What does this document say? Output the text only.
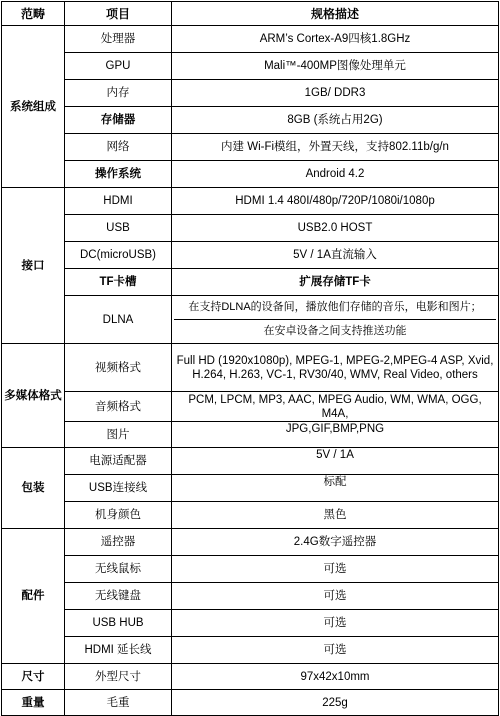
范畴	项目	规格描述
系统组成	处理器	ARM’s Cortex-A9四核1.8GHz
	GPU	Mali™-400MP图像处理单元
	内存	1GB/ DDR3
	存储器	8GB (系统占用2G)
	网络	内建 Wi-Fi模组，外置天线，支持802.11b/g/n
	操作系统	Android 4.2
接口	HDMI	HDMI 1.4 480I/480p/720P/1080i/1080p
	USB	USB2.0 HOST
	DC(microUSB)	5V / 1A直流输入
	TF卡槽	扩展存储TF卡
	DLNA	在支持DLNA的设备间，播放他们存储的音乐，电影和图片；
在安卓设备之间支持推送功能

多媒体格式	视频格式	Full HD (1920x1080p), MPEG-1, MPEG-2,MPEG-4 ASP, Xvid, H.264, H.263, VC-1, RV30/40, WMV, Real Video, others
	音频格式	PCM, LPCM, MP3, AAC, MPEG Audio, WM, WMA, OGG, M4A,
	图片	JPG,GIF,BMP,PNG
包装	电源适配器	5V / 1A
	USB连接线	标配
	机身颜色	黑色
配件	遥控器	2.4G数字遥控器
	无线鼠标	可选
	无线键盘	可选
	USB HUB	可选
	HDMI 延长线	可选
尺寸	外型尺寸	97x42x10mm
重量	毛重	225g
